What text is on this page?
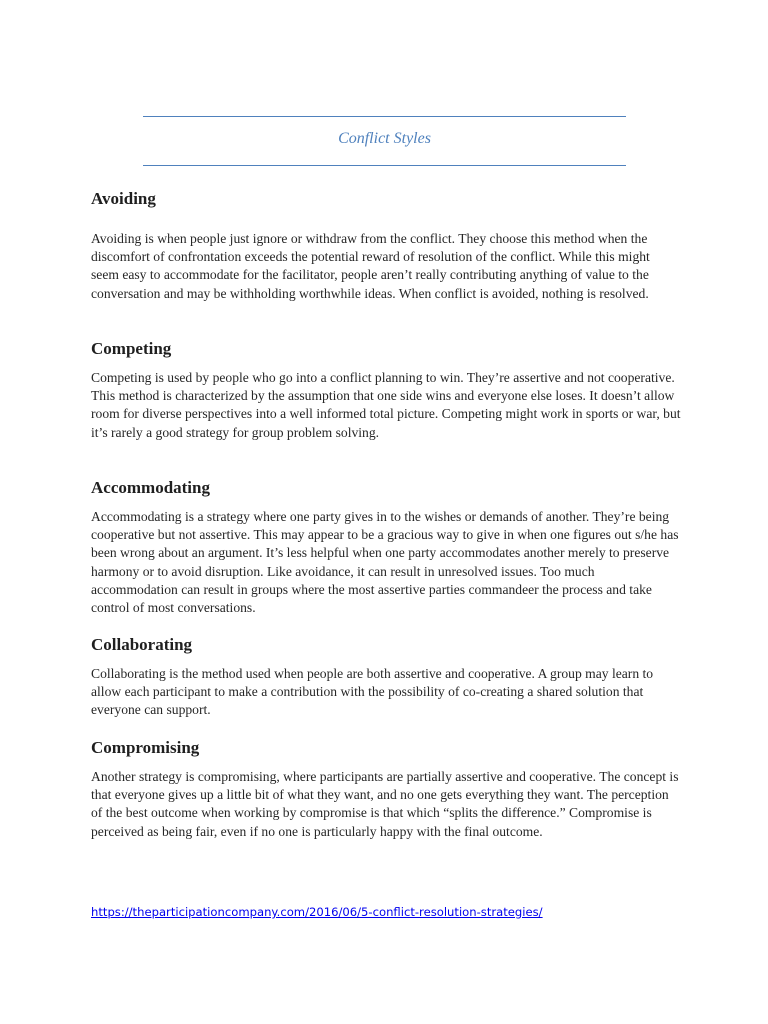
Conflict Styles
Avoiding

Avoiding is when people just ignore or withdraw from the conflict. They choose this method when the discomfort of confrontation exceeds the potential reward of resolution of the conflict. While this might seem easy to accommodate for the facilitator, people aren’t really contributing anything of value to the conversation and may be withholding worthwhile ideas. When conflict is avoided, nothing is resolved.

Competing

Competing is used by people who go into a conflict planning to win. They’re assertive and not cooperative. This method is characterized by the assumption that one side wins and everyone else loses. It doesn’t allow room for diverse perspectives into a well informed total picture. Competing might work in sports or war, but it’s rarely a good strategy for group problem solving.

Accommodating

Accommodating is a strategy where one party gives in to the wishes or demands of another. They’re being cooperative but not assertive. This may appear to be a gracious way to give in when one figures out s/he has been wrong about an argument. It’s less helpful when one party accommodates another merely to preserve harmony or to avoid disruption. Like avoidance, it can result in unresolved issues. Too much accommodation can result in groups where the most assertive parties commandeer the process and take control of most conversations.

Collaborating

Collaborating is the method used when people are both assertive and cooperative. A group may learn to allow each participant to make a contribution with the possibility of co-creating a shared solution that everyone can support.

Compromising

Another strategy is compromising, where participants are partially assertive and cooperative. The concept is that everyone gives up a little bit of what they want, and no one gets everything they want. The perception of the best outcome when working by compromise is that which “splits the difference.” Compromise is perceived as being fair, even if no one is particularly happy with the final outcome.

https://theparticipationcompany.com/2016/06/5-conflict-resolution-strategies/
